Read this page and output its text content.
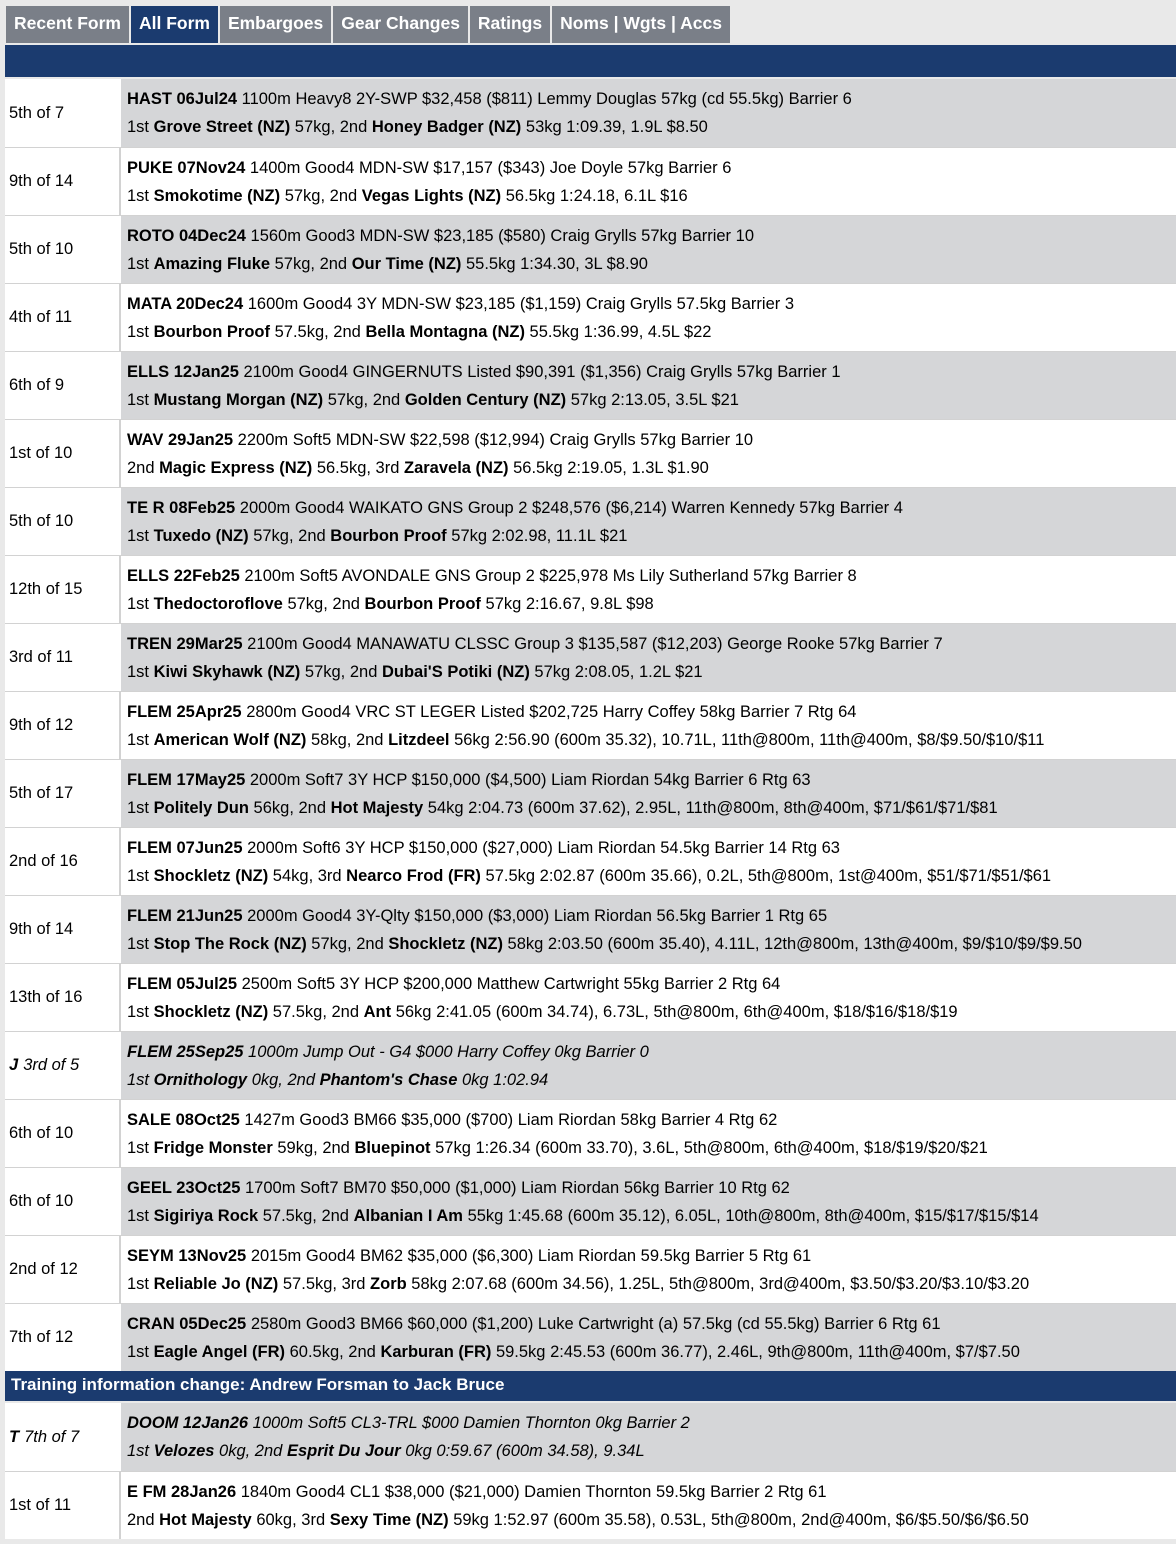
Recent Form	All Form	Embargoes	Gear Changes	Ratings	Noms | Wgts | Accs
5th of 7
HAST 06Jul24 1100m Heavy8 2Y-SWP $32,458 ($811) Lemmy Douglas 57kg (cd 55.5kg) Barrier 6
1st Grove Street (NZ) 57kg, 2nd Honey Badger (NZ) 53kg 1:09.39, 1.9L $8.50
9th of 14
PUKE 07Nov24 1400m Good4 MDN-SW $17,157 ($343) Joe Doyle 57kg Barrier 6
1st Smokotime (NZ) 57kg, 2nd Vegas Lights (NZ) 56.5kg 1:24.18, 6.1L $16
5th of 10
ROTO 04Dec24 1560m Good3 MDN-SW $23,185 ($580) Craig Grylls 57kg Barrier 10
1st Amazing Fluke 57kg, 2nd Our Time (NZ) 55.5kg 1:34.30, 3L $8.90
4th of 11
MATA 20Dec24 1600m Good4 3Y MDN-SW $23,185 ($1,159) Craig Grylls 57.5kg Barrier 3
1st Bourbon Proof 57.5kg, 2nd Bella Montagna (NZ) 55.5kg 1:36.99, 4.5L $22
6th of 9
ELLS 12Jan25 2100m Good4 GINGERNUTS Listed $90,391 ($1,356) Craig Grylls 57kg Barrier 1
1st Mustang Morgan (NZ) 57kg, 2nd Golden Century (NZ) 57kg 2:13.05, 3.5L $21
1st of 10
WAV 29Jan25 2200m Soft5 MDN-SW $22,598 ($12,994) Craig Grylls 57kg Barrier 10
2nd Magic Express (NZ) 56.5kg, 3rd Zaravela (NZ) 56.5kg 2:19.05, 1.3L $1.90
5th of 10
TE R 08Feb25 2000m Good4 WAIKATO GNS Group 2 $248,576 ($6,214) Warren Kennedy 57kg Barrier 4
1st Tuxedo (NZ) 57kg, 2nd Bourbon Proof 57kg 2:02.98, 11.1L $21
12th of 15
ELLS 22Feb25 2100m Soft5 AVONDALE GNS Group 2 $225,978 Ms Lily Sutherland 57kg Barrier 8
1st Thedoctoroflove 57kg, 2nd Bourbon Proof 57kg 2:16.67, 9.8L $98
3rd of 11
TREN 29Mar25 2100m Good4 MANAWATU CLSSC Group 3 $135,587 ($12,203) George Rooke 57kg Barrier 7
1st Kiwi Skyhawk (NZ) 57kg, 2nd Dubai'S Potiki (NZ) 57kg 2:08.05, 1.2L $21
9th of 12
FLEM 25Apr25 2800m Good4 VRC ST LEGER Listed $202,725 Harry Coffey 58kg Barrier 7 Rtg 64
1st American Wolf (NZ) 58kg, 2nd Litzdeel 56kg 2:56.90 (600m 35.32), 10.71L, 11th@800m, 11th@400m, $8/$9.50/$10/$11
5th of 17
FLEM 17May25 2000m Soft7 3Y HCP $150,000 ($4,500) Liam Riordan 54kg Barrier 6 Rtg 63
1st Politely Dun 56kg, 2nd Hot Majesty 54kg 2:04.73 (600m 37.62), 2.95L, 11th@800m, 8th@400m, $71/$61/$71/$81
2nd of 16
FLEM 07Jun25 2000m Soft6 3Y HCP $150,000 ($27,000) Liam Riordan 54.5kg Barrier 14 Rtg 63
1st Shockletz (NZ) 54kg, 3rd Nearco Frod (FR) 57.5kg 2:02.87 (600m 35.66), 0.2L, 5th@800m, 1st@400m, $51/$71/$51/$61
9th of 14
FLEM 21Jun25 2000m Good4 3Y-Qlty $150,000 ($3,000) Liam Riordan 56.5kg Barrier 1 Rtg 65
1st Stop The Rock (NZ) 57kg, 2nd Shockletz (NZ) 58kg 2:03.50 (600m 35.40), 4.11L, 12th@800m, 13th@400m, $9/$10/$9/$9.50
13th of 16
FLEM 05Jul25 2500m Soft5 3Y HCP $200,000 Matthew Cartwright 55kg Barrier 2 Rtg 64
1st Shockletz (NZ) 57.5kg, 2nd Ant 56kg 2:41.05 (600m 34.74), 6.73L, 5th@800m, 6th@400m, $18/$16/$18/$19
J 3rd of 5
FLEM 25Sep25 1000m Jump Out - G4 $000 Harry Coffey 0kg Barrier 0
1st Ornithology 0kg, 2nd Phantom's Chase 0kg 1:02.94
6th of 10
SALE 08Oct25 1427m Good3 BM66 $35,000 ($700) Liam Riordan 58kg Barrier 4 Rtg 62
1st Fridge Monster 59kg, 2nd Bluepinot 57kg 1:26.34 (600m 33.70), 3.6L, 5th@800m, 6th@400m, $18/$19/$20/$21
6th of 10
GEEL 23Oct25 1700m Soft7 BM70 $50,000 ($1,000) Liam Riordan 56kg Barrier 10 Rtg 62
1st Sigiriya Rock 57.5kg, 2nd Albanian I Am 55kg 1:45.68 (600m 35.12), 6.05L, 10th@800m, 8th@400m, $15/$17/$15/$14
2nd of 12
SEYM 13Nov25 2015m Good4 BM62 $35,000 ($6,300) Liam Riordan 59.5kg Barrier 5 Rtg 61
1st Reliable Jo (NZ) 57.5kg, 3rd Zorb 58kg 2:07.68 (600m 34.56), 1.25L, 5th@800m, 3rd@400m, $3.50/$3.20/$3.10/$3.20
7th of 12
CRAN 05Dec25 2580m Good3 BM66 $60,000 ($1,200) Luke Cartwright (a) 57.5kg (cd 55.5kg) Barrier 6 Rtg 61
1st Eagle Angel (FR) 60.5kg, 2nd Karburan (FR) 59.5kg 2:45.53 (600m 36.77), 2.46L, 9th@800m, 11th@400m, $7/$7.50
Training information change: Andrew Forsman to Jack Bruce
T 7th of 7
DOOM 12Jan26 1000m Soft5 CL3-TRL $000 Damien Thornton 0kg Barrier 2
1st Velozes 0kg, 2nd Esprit Du Jour 0kg 0:59.67 (600m 34.58), 9.34L
1st of 11
E FM 28Jan26 1840m Good4 CL1 $38,000 ($21,000) Damien Thornton 59.5kg Barrier 2 Rtg 61
2nd Hot Majesty 60kg, 3rd Sexy Time (NZ) 59kg 1:52.97 (600m 35.58), 0.53L, 5th@800m, 2nd@400m, $6/$5.50/$6/$6.50
